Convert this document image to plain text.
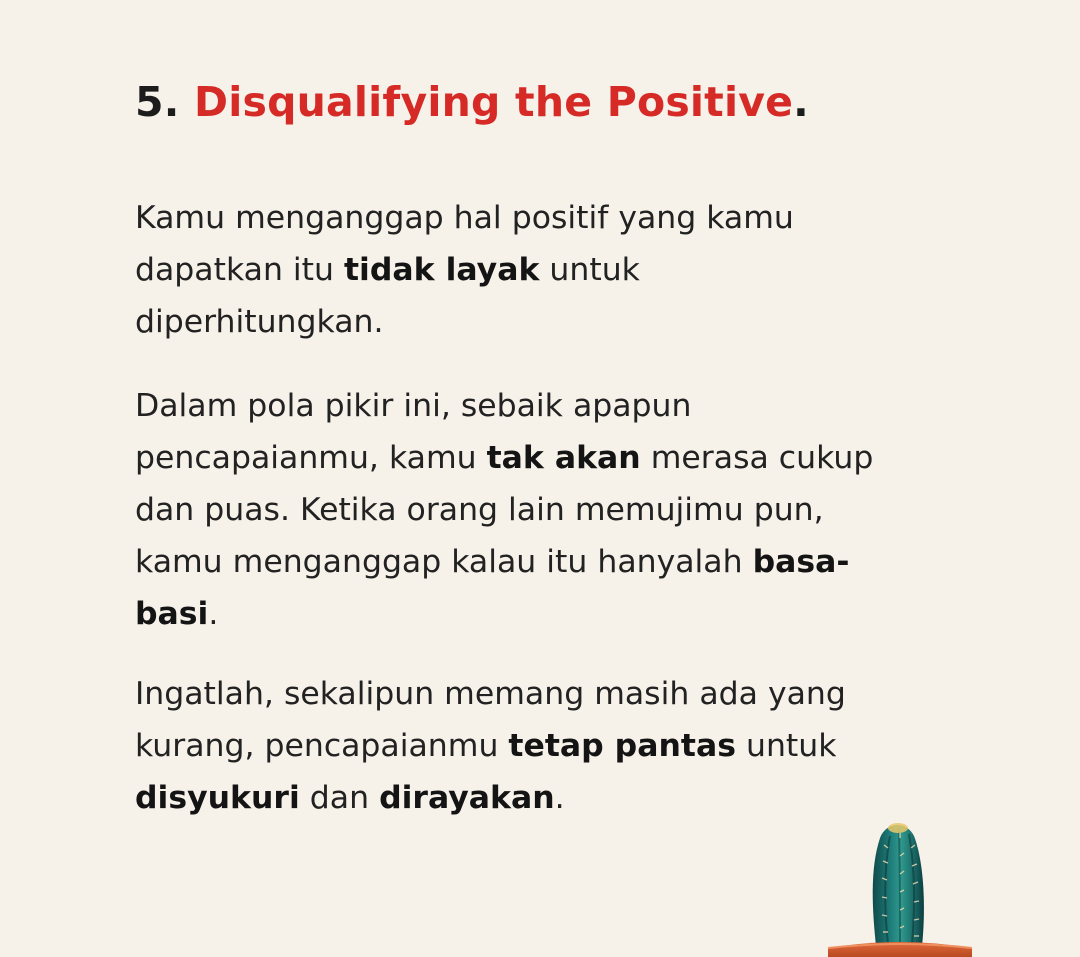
5. Disqualifying the Positive.

Kamu menganggap hal positif yang kamu
dapatkan itu tidak layak untuk
diperhitungkan.

Dalam pola pikir ini, sebaik apapun
pencapaianmu, kamu tak akan merasa cukup
dan puas. Ketika orang lain memujimu pun,
kamu menganggap kalau itu hanyalah basa-
basi.

Ingatlah, sekalipun memang masih ada yang
kurang, pencapaianmu tetap pantas untuk
disyukuri dan dirayakan.
